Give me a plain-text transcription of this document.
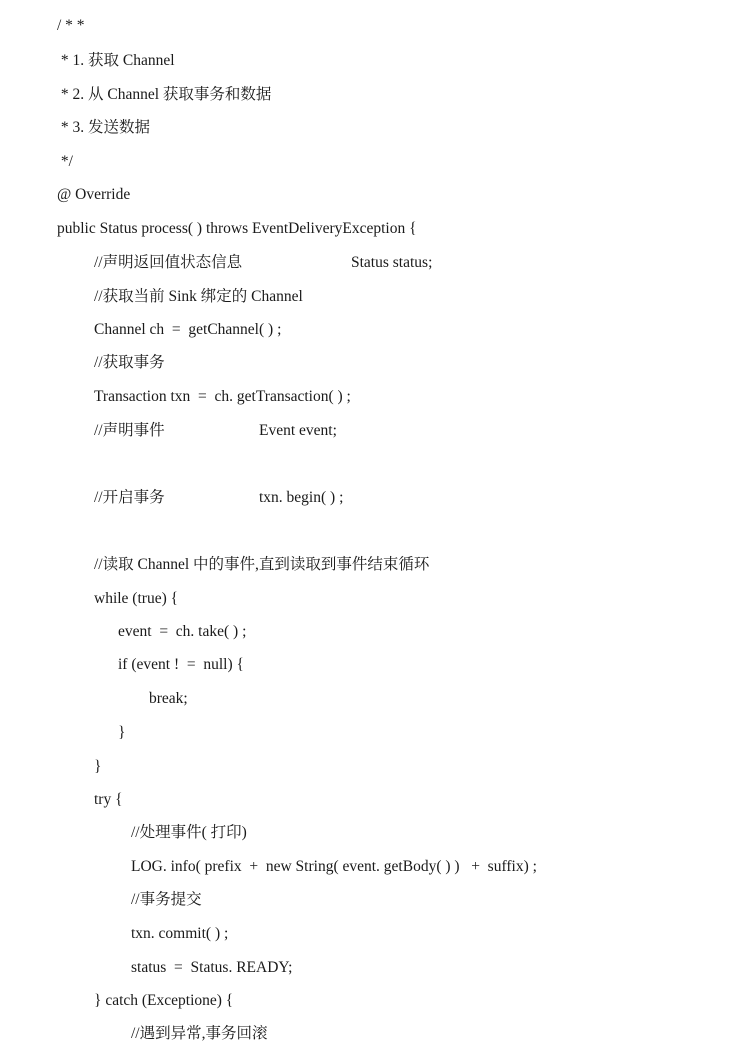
/ * *
* 1. 获取 Channel
* 2. 从 Channel 获取事务和数据
* 3. 发送数据
*/
@ Override
public Status process( ) throws EventDeliveryException {
//声明返回值状态信息	Status status;
//获取当前 Sink 绑定的 Channel
Channel ch  =  getChannel( ) ;
//获取事务
Transaction txn  =  ch. getTransaction( ) ;
//声明事件	Event event;
//开启事务	txn. begin( ) ;
//读取 Channel 中的事件,直到读取到事件结束循环
while (true) {
event  =  ch. take( ) ;
if (event !  =  null) {
break;
}
}
try {
//处理事件( 打印)
LOG. info( prefix  +  new String( event. getBody( ) )   +  suffix) ;
//事务提交
txn. commit( ) ;
status  =  Status. READY;
} catch (Exceptione) {
//遇到异常,事务回滚
